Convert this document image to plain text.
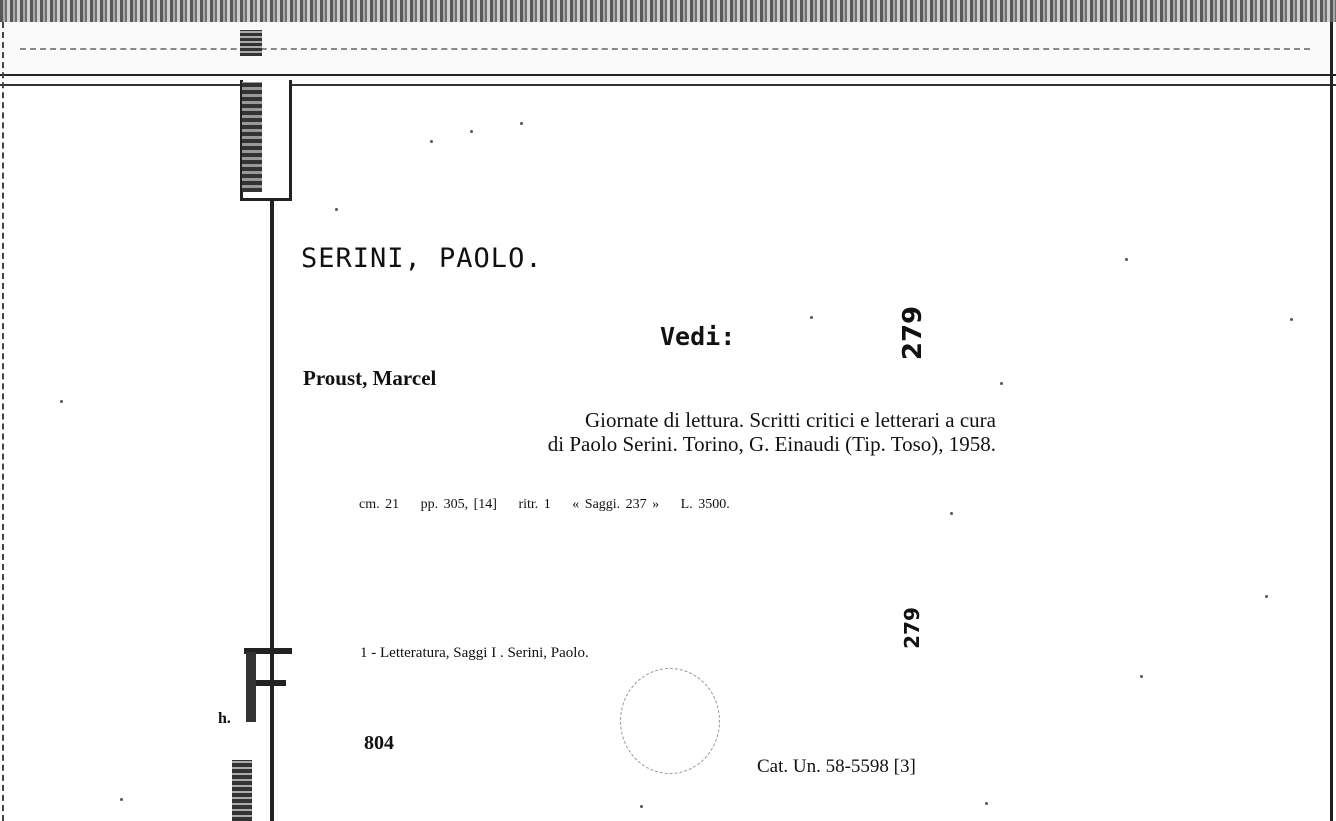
h.
SERINI, PAOLO.
Vedi:	279
Proust, Marcel
Giornate di lettura. Scritti critici e letterari a cura
di Paolo Serini. Torino, G. Einaudi (Tip. Toso), 1958.
cm. 21 pp. 305, [14] ritr. 1 « Saggi. 237 » L. 3500.
1 - Letteratura, Saggi I . Serini, Paolo.
279
804
Cat. Un. 58-5598 [3]
